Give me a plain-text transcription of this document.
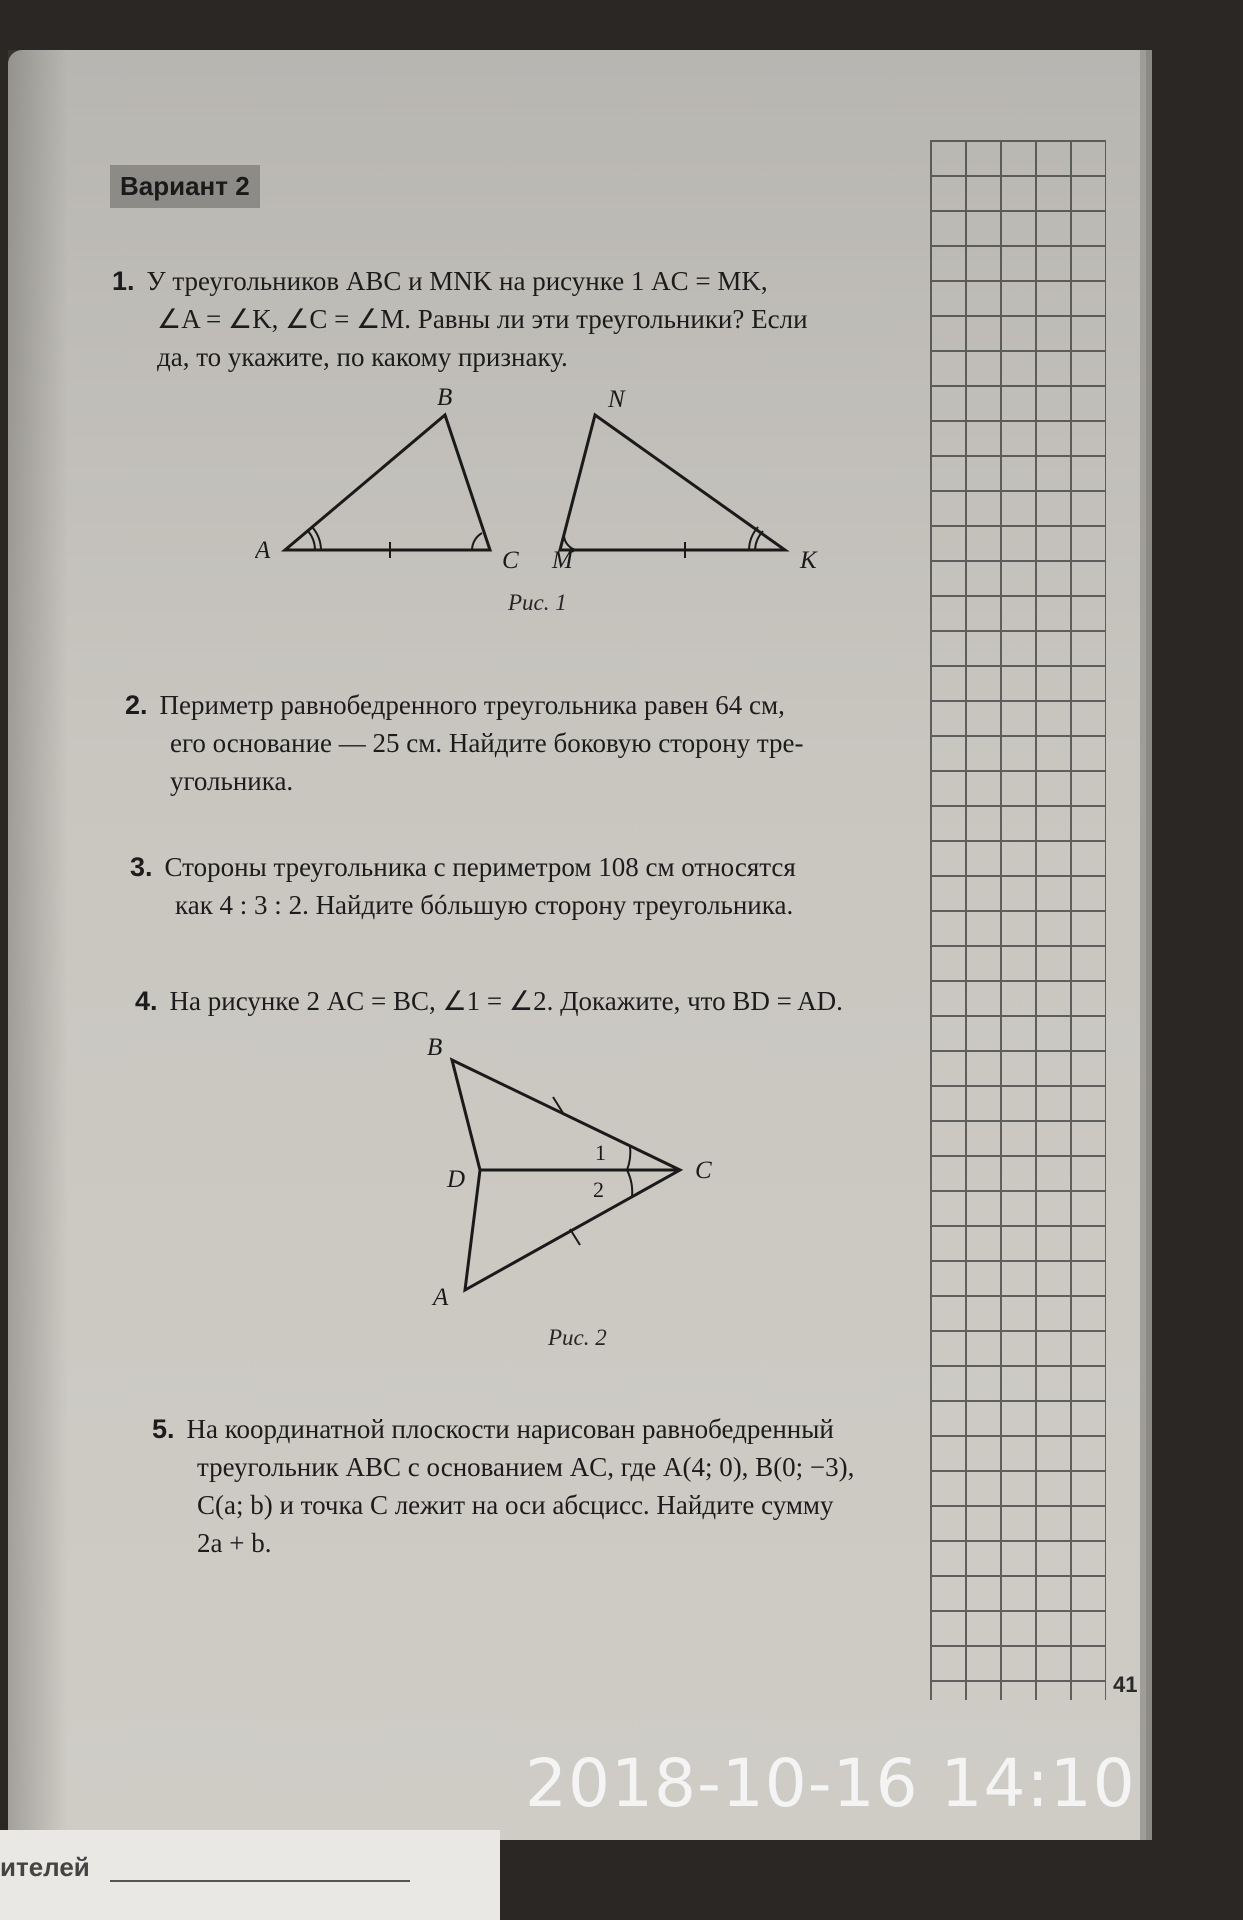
Вариант 2

1. У треугольников ABC и MNK на рисунке 1 AC = MK,

∠A = ∠K, ∠C = ∠M. Равны ли эти треугольники? Если

да, то укажите, по какому признаку.

A
B
C M
N
K
Рис. 1

2. Периметр равнобедренного треугольника равен 64 см,

его основание — 25 см. Найдите боковую сторону тре-

угольника.

3. Стороны треугольника с периметром 108 см относятся

как 4 : 3 : 2. Найдите бóльшую сторону треугольника.

4. На рисунке 2 AC = BC, ∠1 = ∠2. Докажите, что BD = AD.

B
C
D
A
1
2
Рис. 2

5. На координатной плоскости нарисован равнобедренный

треугольник ABC с основанием AC, где A(4; 0), B(0; −3),

C(a; b) и точка C лежит на оси абсцисс. Найдите сумму

2a + b.

41
ителей
2018-10-16 14:10
